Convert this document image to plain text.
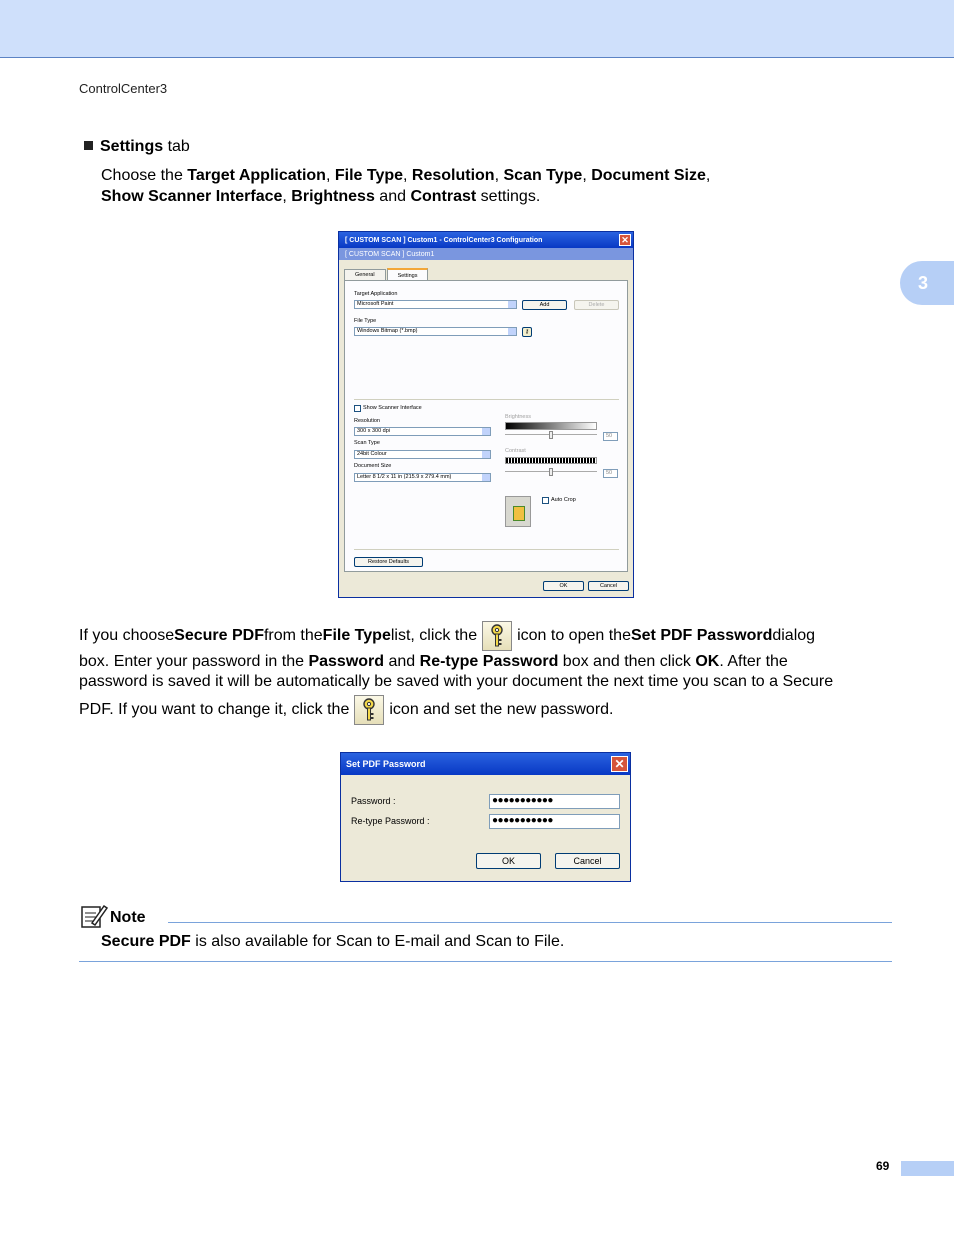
ControlCenter3
3
Settings tab
Choose the Target Application, File Type, Resolution, Scan Type, Document Size,
Show Scanner Interface, Brightness and Contrast settings.
[ CUSTOM SCAN ] Custom1 - ControlCenter3 Configuration	✕
[ CUSTOM SCAN ] Custom1
General	Settings
Target Application
Microsoft Paint	Add	Delete
File Type
Windows Bitmap (*.bmp)	⚷
Show Scanner Interface
Resolution
300 x 300 dpi
Scan Type
24bit Colour
Document Size
Letter 8 1/2 x 11 in (215.9 x 279.4 mm)
Brightness
50
Contrast
50
Auto Crop
Restore Defaults
OK	Cancel
If you choose Secure PDF from the File Type list, click the	icon to open the Set PDF Password dialog
box. Enter your password in the Password and Re-type Password box and then click OK. After the
password is saved it will be automatically be saved with your document the next time you scan to a Secure
PDF. If you want to change it, click the	icon and set the new password.
Set PDF Password	✕
Password :	●●●●●●●●●●●
Re-type Password :	●●●●●●●●●●●
OK	Cancel
Note
Secure PDF is also available for Scan to E-mail and Scan to File.
69
